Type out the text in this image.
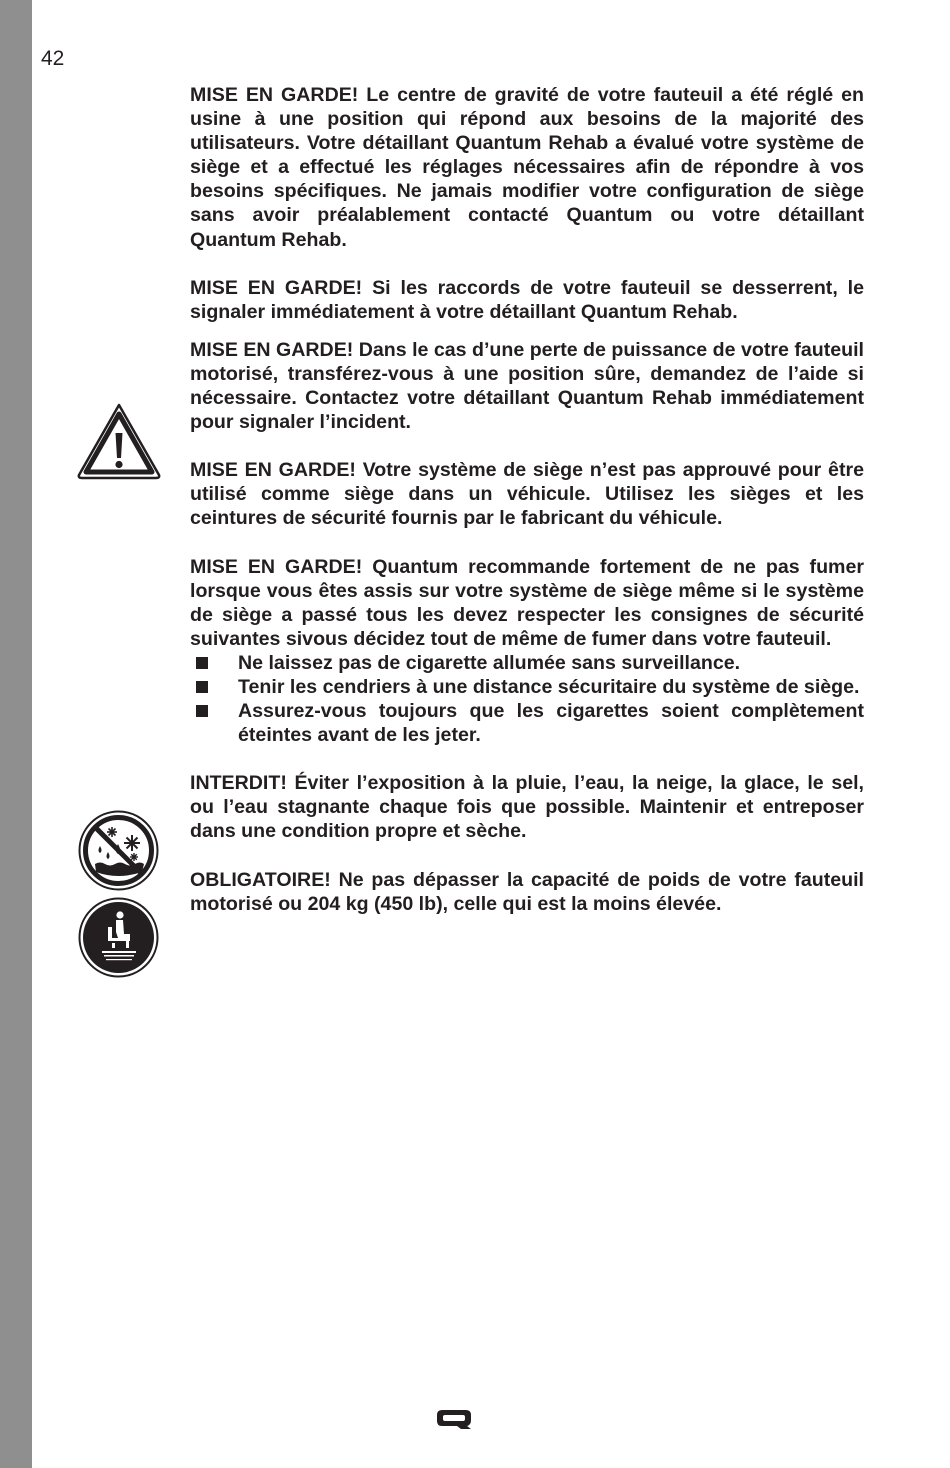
42

MISE EN GARDE! Le centre de gravité de votre fauteuil a été réglé en usine à une position qui répond aux besoins de la majorité des utilisateurs. Votre détaillant Quantum Rehab a évalué votre système de siège et a effectué les réglages nécessaires afin de répondre à vos besoins spécifiques. Ne jamais modifier votre configuration de siège sans avoir préalablement contacté Quantum ou votre détaillant Quantum Rehab.

MISE EN GARDE! Si les raccords de votre fauteuil se desserrent, le signaler immédiatement à votre détaillant Quantum Rehab.

MISE EN GARDE! Dans le cas d’une perte de puissance de votre fauteuil motorisé, transférez-vous à une position sûre, demandez de l’aide si nécessaire. Contactez votre détaillant Quantum Rehab immédiatement pour signaler l’incident.

MISE EN GARDE! Votre système de siège n’est pas approuvé pour être utilisé comme siège dans un véhicule. Utilisez les sièges et les ceintures de sécurité fournis par le fabricant du véhicule.

MISE EN GARDE! Quantum recommande fortement de ne pas fumer lorsque vous êtes assis sur votre système de siège même si le système de siège a passé tous les devez respecter les consignes de sécurité suivantes sivous décidez tout de même de fumer dans votre fauteuil.

Ne laissez pas de cigarette allumée sans surveillance.
Tenir les cendriers à une distance sécuritaire du système de siège.
Assurez-vous toujours que les cigarettes soient complètement éteintes avant de les jeter.

INTERDIT! Éviter l’exposition à la pluie, l’eau, la neige, la glace, le sel, ou l’eau stagnante chaque fois que possible. Maintenir et entreposer dans une condition propre et sèche.

OBLIGATOIRE! Ne pas dépasser la capacité de poids de votre fauteuil motorisé ou 204 kg (450 lb), celle qui est la moins élevée.
